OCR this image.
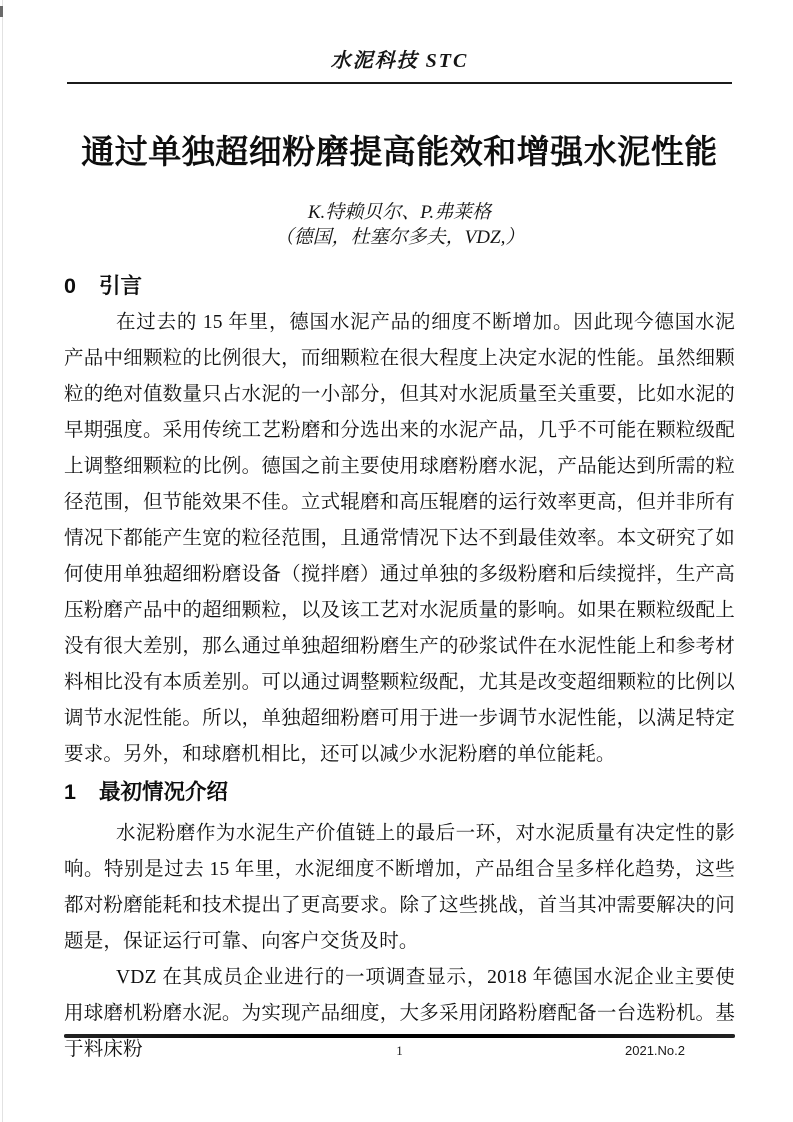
水泥科技 STC
通过单独超细粉磨提高能效和增强水泥性能
K.特赖贝尔、P.弗莱格
（德国，杜塞尔多夫，VDZ,）
0 引言

在过去的 15 年里，德国水泥产品的细度不断增加。因此现今德国水泥产品中细颗粒的比例很大，而细颗粒在很大程度上决定水泥的性能。虽然细颗粒的绝对值数量只占水泥的一小部分，但其对水泥质量至关重要，比如水泥的早期强度。采用传统工艺粉磨和分选出来的水泥产品，几乎不可能在颗粒级配上调整细颗粒的比例。德国之前主要使用球磨粉磨水泥，产品能达到所需的粒径范围，但节能效果不佳。立式辊磨和高压辊磨的运行效率更高，但并非所有情况下都能产生宽的粒径范围，且通常情况下达不到最佳效率。本文研究了如何使用单独超细粉磨设备（搅拌磨）通过单独的多级粉磨和后续搅拌，生产高压粉磨产品中的超细颗粒，以及该工艺对水泥质量的影响。如果在颗粒级配上没有很大差别，那么通过单独超细粉磨生产的砂浆试件在水泥性能上和参考材料相比没有本质差别。可以通过调整颗粒级配，尤其是改变超细颗粒的比例以调节水泥性能。所以，单独超细粉磨可用于进一步调节水泥性能，以满足特定要求。另外，和球磨机相比，还可以减少水泥粉磨的单位能耗。

1 最初情况介绍

水泥粉磨作为水泥生产价值链上的最后一环，对水泥质量有决定性的影响。特别是过去 15 年里，水泥细度不断增加，产品组合呈多样化趋势，这些都对粉磨能耗和技术提出了更高要求。除了这些挑战，首当其冲需要解决的问题是，保证运行可靠、向客户交货及时。

VDZ 在其成员企业进行的一项调查显示，2018 年德国水泥企业主要使用球磨机粉磨水泥。为实现产品细度，大多采用闭路粉磨配备一台选粉机。基于料床粉	1	2021.No.2
